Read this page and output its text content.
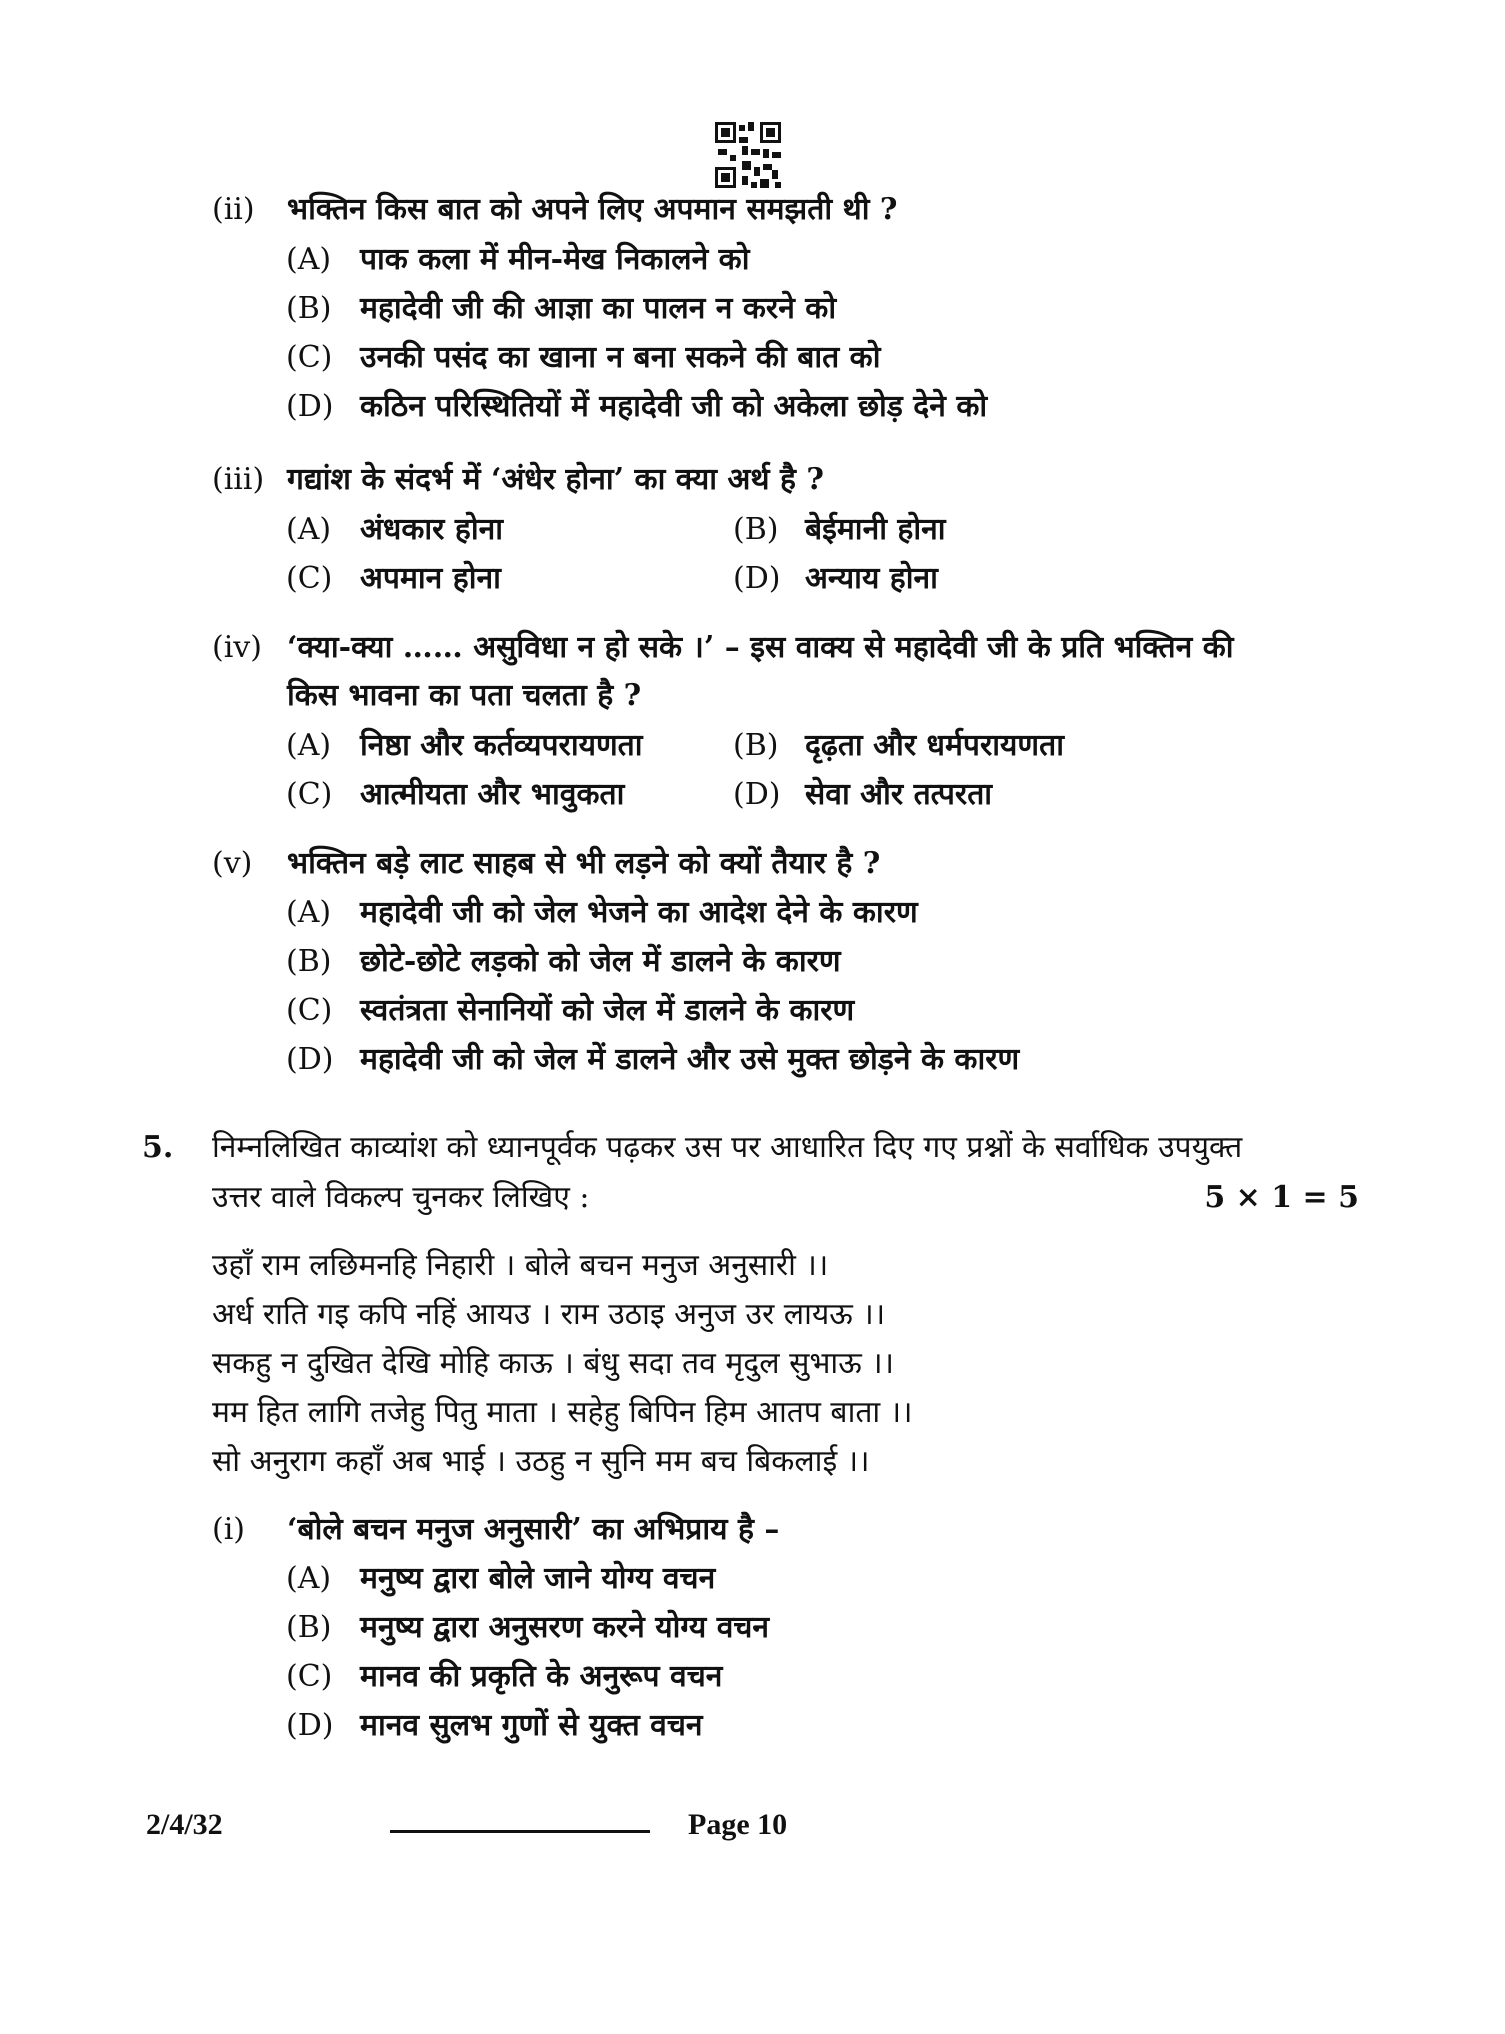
(ii) भक्तिन किस बात को अपने लिए अपमान समझती थी ?
(A) पाक कला में मीन-मेख निकालने को
(B) महादेवी जी की आज्ञा का पालन न करने को
(C) उनकी पसंद का खाना न बना सकने की बात को
(D) कठिन परिस्थितियों में महादेवी जी को अकेला छोड़ देने को
(iii) गद्यांश के संदर्भ में ‘अंधेर होना’ का क्या अर्थ है ?
(A) अंधकार होना	(B) बेईमानी होना
(C) अपमान होना	(D) अन्याय होना
(iv) ‘क्या-क्या …… असुविधा न हो सके ।’ – इस वाक्य से महादेवी जी के प्रति भक्तिन की
किस भावना का पता चलता है ?
(A) निष्ठा और कर्तव्यपरायणता	(B) दृढ़ता और धर्मपरायणता
(C) आत्मीयता और भावुकता	(D) सेवा और तत्परता
(v) भक्तिन बड़े लाट साहब से भी लड़ने को क्यों तैयार है ?
(A) महादेवी जी को जेल भेजने का आदेश देने के कारण
(B) छोटे-छोटे लड़को को जेल में डालने के कारण
(C) स्वतंत्रता सेनानियों को जेल में डालने के कारण
(D) महादेवी जी को जेल में डालने और उसे मुक्त छोड़ने के कारण
5. निम्नलिखित काव्यांश को ध्यानपूर्वक पढ़कर उस पर आधारित दिए गए प्रश्नों के सर्वाधिक उपयुक्त
उत्तर वाले विकल्प चुनकर लिखिए :	5 × 1 = 5
उहाँ राम लछिमनहि निहारी । बोले बचन मनुज अनुसारी ।।
अर्ध राति गइ कपि नहिं आयउ । राम उठाइ अनुज उर लायऊ ।।
सकहु न दुखित देखि मोहि काऊ । बंधु सदा तव मृदुल सुभाऊ ।।
मम हित लागि तजेहु पितु माता । सहेहु बिपिन हिम आतप बाता ।।
सो अनुराग कहाँ अब भाई । उठहु न सुनि मम बच बिकलाई ।।
(i) ‘बोले बचन मनुज अनुसारी’ का अभिप्राय है –
(A) मनुष्य द्वारा बोले जाने योग्य वचन
(B) मनुष्य द्वारा अनुसरण करने योग्य वचन
(C) मानव की प्रकृति के अनुरूप वचन
(D) मानव सुलभ गुणों से युक्त वचन
2/4/32	Page 10
